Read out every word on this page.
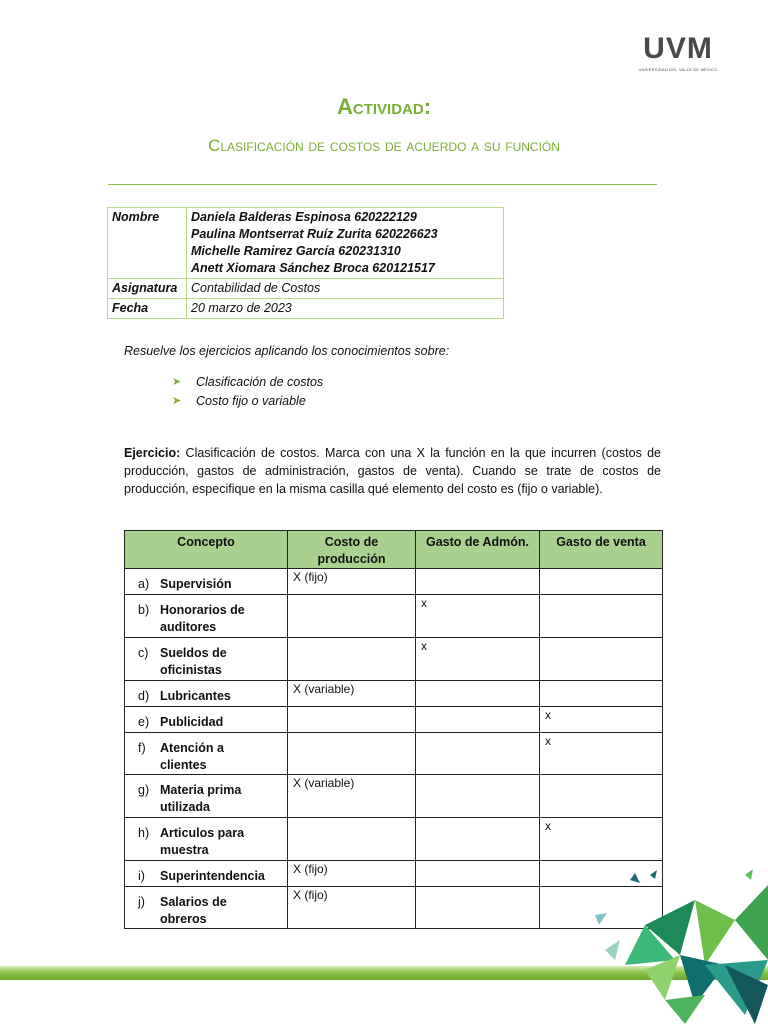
UVM
UNIVERSIDAD DEL VALLE DE MÉXICO
Actividad:
Clasificación de costos de acuerdo a su función
Nombre	Daniela Balderas Espinosa 620222129
Paulina Montserrat Ruíz Zurita 620226623
Michelle Ramirez García 620231310
Anett Xiomara Sánchez Broca 620121517

Asignatura	Contabilidad de Costos
Fecha	20 marzo de 2023
Resuelve los ejercicios aplicando los conocimientos sobre:
➤ Clasificación de costos
➤ Costo fijo o variable
Ejercicio: Clasificación de costos. Marca con una X la función en la que incurren (costos de producción, gastos de administración, gastos de venta). Cuando se trate de costos de producción, especifique en la misma casilla qué elemento del costo es (fijo o variable).
Concepto	Costo de producción	Gasto de Admón.	Gasto de venta
a) Supervisión	X (fijo)		
b) Honorarios de auditores		x	
c) Sueldos de oficinistas		x	
d) Lubricantes	X (variable)		
e) Publicidad			x
f) Atención a clientes			x
g) Materia prima utilizada	X (variable)		
h) Articulos para muestra			x
i) Superintendencia	X (fijo)		
j) Salarios de obreros	X (fijo)		
